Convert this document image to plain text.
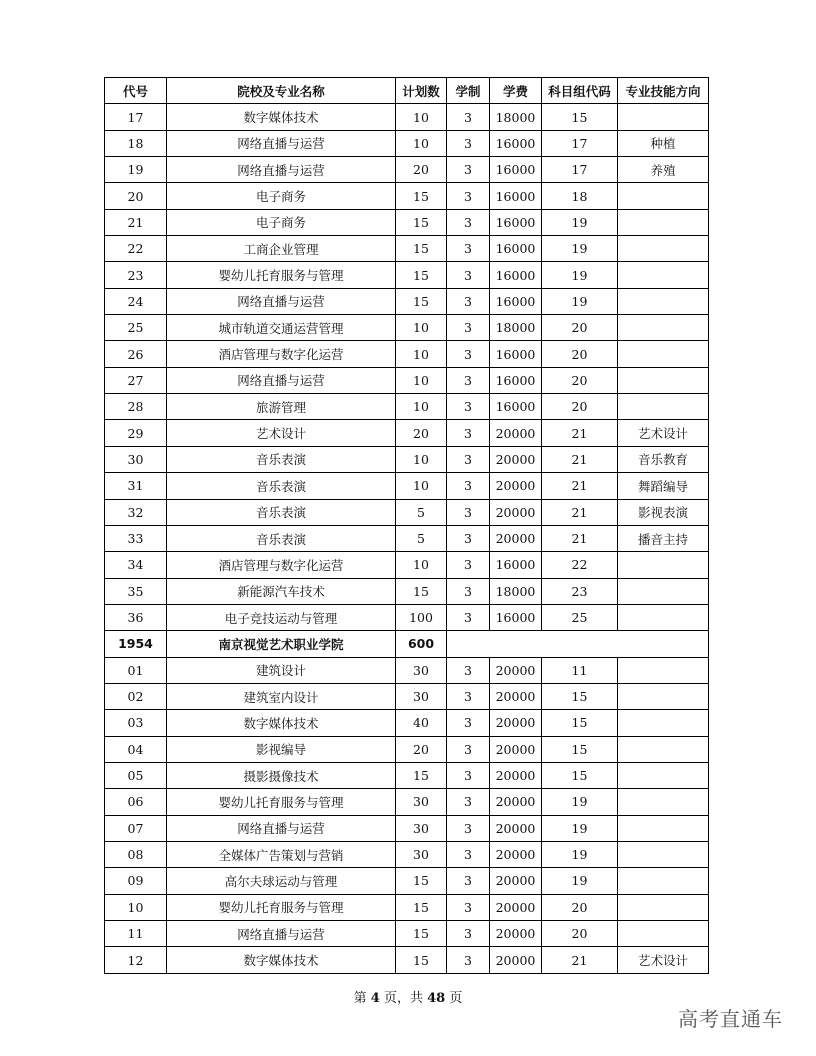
代号	院校及专业名称	计划数	学制	学费	科目组代码	专业技能方向
17	数字媒体技术	10	3	18000	15	
18	网络直播与运营	10	3	16000	17	种植
19	网络直播与运营	20	3	16000	17	养殖
20	电子商务	15	3	16000	18	
21	电子商务	15	3	16000	19	
22	工商企业管理	15	3	16000	19	
23	婴幼儿托育服务与管理	15	3	16000	19	
24	网络直播与运营	15	3	16000	19	
25	城市轨道交通运营管理	10	3	18000	20	
26	酒店管理与数字化运营	10	3	16000	20	
27	网络直播与运营	10	3	16000	20	
28	旅游管理	10	3	16000	20	
29	艺术设计	20	3	20000	21	艺术设计
30	音乐表演	10	3	20000	21	音乐教育
31	音乐表演	10	3	20000	21	舞蹈编导
32	音乐表演	5	3	20000	21	影视表演
33	音乐表演	5	3	20000	21	播音主持
34	酒店管理与数字化运营	10	3	16000	22	
35	新能源汽车技术	15	3	18000	23	
36	电子竞技运动与管理	100	3	16000	25	
1954	南京视觉艺术职业学院	600				
01	建筑设计	30	3	20000	11	
02	建筑室内设计	30	3	20000	15	
03	数字媒体技术	40	3	20000	15	
04	影视编导	20	3	20000	15	
05	摄影摄像技术	15	3	20000	15	
06	婴幼儿托育服务与管理	30	3	20000	19	
07	网络直播与运营	30	3	20000	19	
08	全媒体广告策划与营销	30	3	20000	19	
09	高尔夫球运动与管理	15	3	20000	19	
10	婴幼儿托育服务与管理	15	3	20000	20	
11	网络直播与运营	15	3	20000	20	
12	数字媒体技术	15	3	20000	21	艺术设计
第 4 页，共 48 页
高考直通车
